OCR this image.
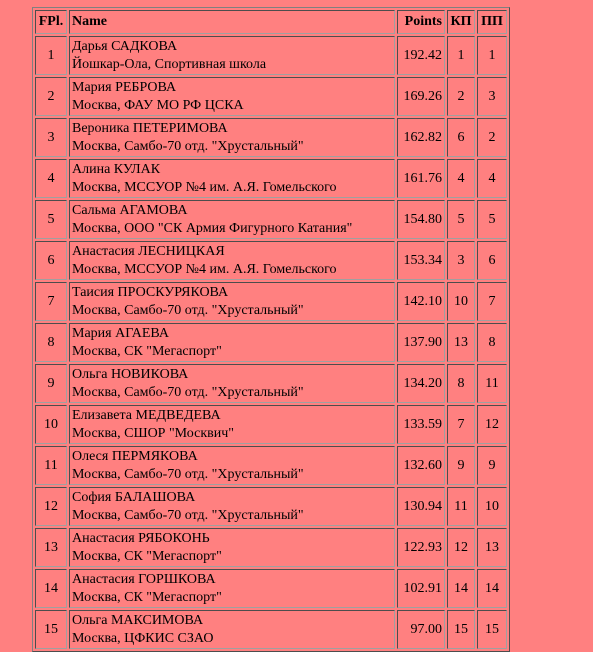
FPl.	Name	Points	КП	ПП
1	Дарья САДКОВА
Йошкар-Ола, Спортивная школа	192.42	1	1
2	Мария РЕБРОВА
Москва, ФАУ МО РФ ЦСКА	169.26	2	3
3	Вероника ПЕТЕРИМОВА
Москва, Самбо-70 отд. "Хрустальный"	162.82	6	2
4	Алина КУЛАК
Москва, МССУОР №4 им. А.Я. Гомельского	161.76	4	4
5	Сальма АГАМОВА
Москва, ООО "СК Армия Фигурного Катания"	154.80	5	5
6	Анастасия ЛЕСНИЦКАЯ
Москва, МССУОР №4 им. А.Я. Гомельского	153.34	3	6
7	Таисия ПРОСКУРЯКОВА
Москва, Самбо-70 отд. "Хрустальный"	142.10	10	7
8	Мария АГАЕВА
Москва, СК "Мегаспорт"	137.90	13	8
9	Ольга НОВИКОВА
Москва, Самбо-70 отд. "Хрустальный"	134.20	8	11
10	Елизавета МЕДВЕДЕВА
Москва, СШОР "Москвич"	133.59	7	12
11	Олеся ПЕРМЯКОВА
Москва, Самбо-70 отд. "Хрустальный"	132.60	9	9
12	София БАЛАШОВА
Москва, Самбо-70 отд. "Хрустальный"	130.94	11	10
13	Анастасия РЯБОКОНЬ
Москва, СК "Мегаспорт"	122.93	12	13
14	Анастасия ГОРШКОВА
Москва, СК "Мегаспорт"	102.91	14	14
15	Ольга МАКСИМОВА
Москва, ЦФКИС СЗАО	97.00	15	15
